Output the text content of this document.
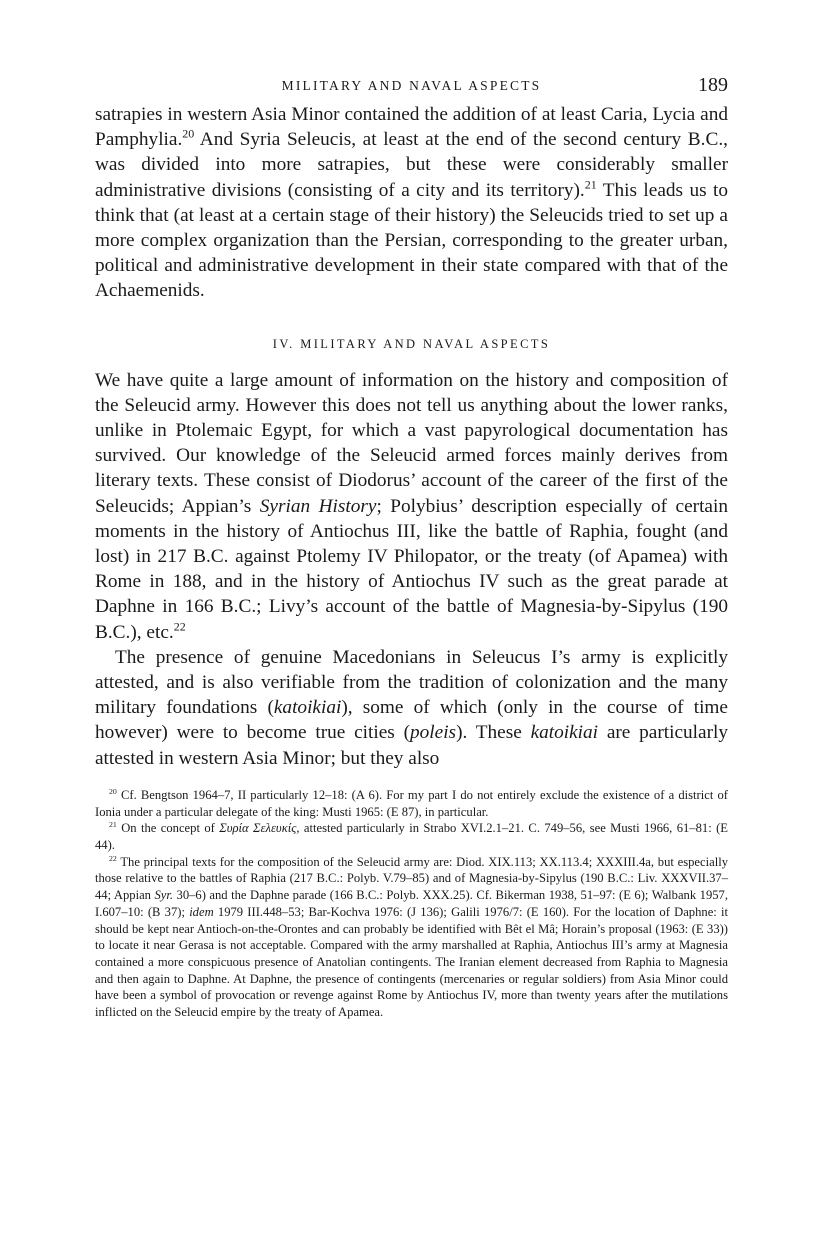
MILITARY AND NAVAL ASPECTS	189

satrapies in western Asia Minor contained the addition of at least Caria, Lycia and Pamphylia.$^{20}$ And Syria Seleucis, at least at the end of the second century B.C., was divided into more satrapies, but these were considerably smaller administrative divisions (consisting of a city and its territory).$^{21}$ This leads us to think that (at least at a certain stage of their history) the Seleucids tried to set up a more complex organization than the Persian, corresponding to the greater urban, political and administrative development in their state compared with that of the Achaemenids.

IV. MILITARY AND NAVAL ASPECTS

We have quite a large amount of information on the history and composition of the Seleucid army. However this does not tell us anything about the lower ranks, unlike in Ptolemaic Egypt, for which a vast papyrological documentation has survived. Our knowledge of the Seleucid armed forces mainly derives from literary texts. These consist of Diodorus’ account of the career of the first of the Seleucids; Appian’s Syrian History; Polybius’ description especially of certain moments in the history of Antiochus III, like the battle of Raphia, fought (and lost) in 217 B.C. against Ptolemy IV Philopator, or the treaty (of Apamea) with Rome in 188, and in the history of Antiochus IV such as the great parade at Daphne in 166 B.C.; Livy’s account of the battle of Magnesia-by-Sipylus (190 B.C.), etc.$^{22}$

The presence of genuine Macedonians in Seleucus I’s army is explicitly attested, and is also verifiable from the tradition of colonization and the many military foundations (katoikiai), some of which (only in the course of time however) were to become true cities (poleis). These katoikiai are particularly attested in western Asia Minor; but they also

$^{20}$ Cf. Bengtson 1964–7, II particularly 12–18: (A 6). For my part I do not entirely exclude the existence of a district of Ionia under a particular delegate of the king: Musti 1965: (E 87), in particular.

$^{21}$ On the concept of Συρία Σελευκίς, attested particularly in Strabo XVI.2.1–21. C. 749–56, see Musti 1966, 61–81: (E 44).

$^{22}$ The principal texts for the composition of the Seleucid army are: Diod. XIX.113; XX.113.4; XXXIII.4a, but especially those relative to the battles of Raphia (217 B.C.: Polyb. V.79–85) and of Magnesia-by-Sipylus (190 B.C.: Liv. XXXVII.37–44; Appian Syr. 30–6) and the Daphne parade (166 B.C.: Polyb. XXX.25). Cf. Bikerman 1938, 51–97: (E 6); Walbank 1957, I.607–10: (B 37); idem 1979 III.448–53; Bar-Kochva 1976: (J 136); Galili 1976/7: (E 160). For the location of Daphne: it should be kept near Antioch-on-the-Orontes and can probably be identified with Bêt el Mâ; Horain’s proposal (1963: (E 33)) to locate it near Gerasa is not acceptable. Compared with the army marshalled at Raphia, Antiochus III’s army at Magnesia contained a more conspicuous presence of Anatolian contingents. The Iranian element decreased from Raphia to Magnesia and then again to Daphne. At Daphne, the presence of contingents (mercenaries or regular soldiers) from Asia Minor could have been a symbol of provocation or revenge against Rome by Antiochus IV, more than twenty years after the mutilations inflicted on the Seleucid empire by the treaty of Apamea.
